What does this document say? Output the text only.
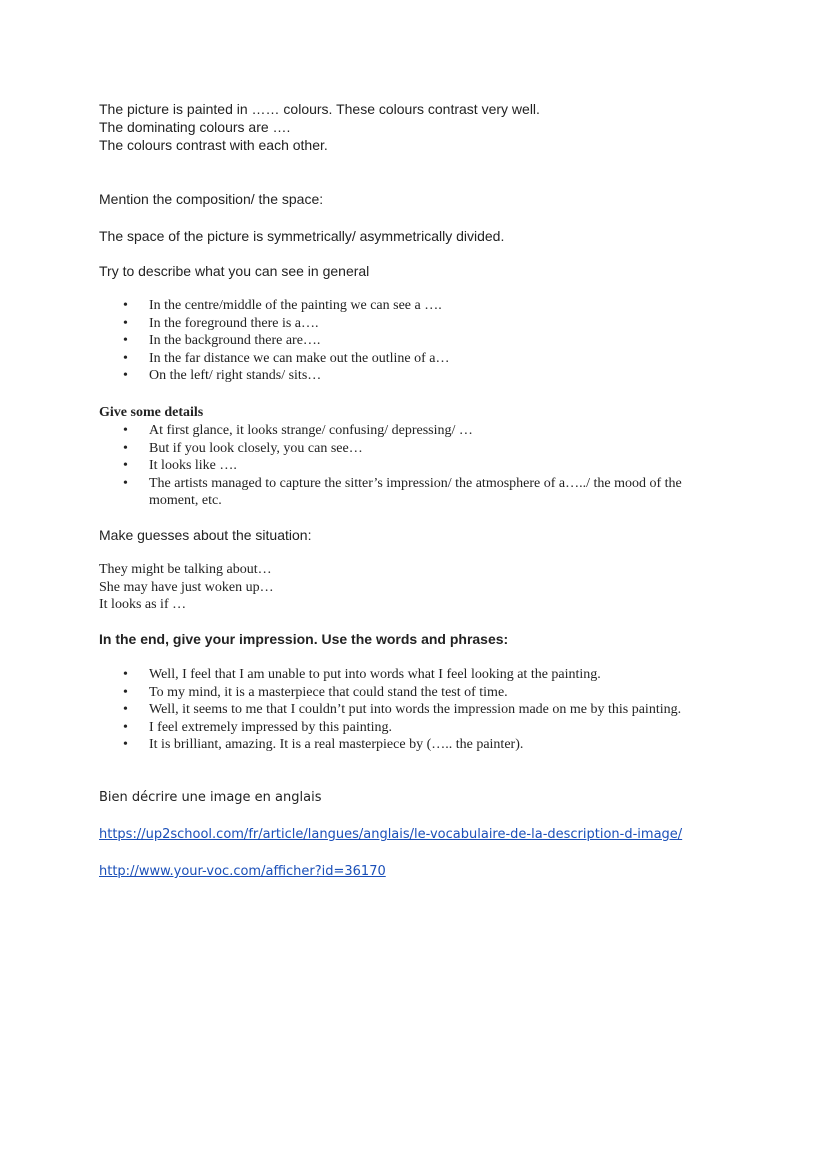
The picture is painted in …… colours. These colours contrast very well.

The dominating colours are ….

The colours contrast with each other.

Mention the composition/ the space:
The space of the picture is symmetrically/ asymmetrically divided.
Try to describe what you can see in general
• In the centre/middle of the painting we can see a ….
• In the foreground there is a….
• In the background there are….
• In the far distance we can make out the outline of a…
• On the left/ right stands/ sits…
Give some details
• At first glance, it looks strange/ confusing/ depressing/ …
• But if you look closely, you can see…
• It looks like ….
• The artists managed to capture the sitter’s impression/ the atmosphere of a…../ the mood of the moment, etc.
Make guesses about the situation:

They might be talking about…

She may have just woken up…

It looks as if …

In the end, give your impression. Use the words and phrases:
• Well, I feel that I am unable to put into words what I feel looking at the painting.
• To my mind, it is a masterpiece that could stand the test of time.
• Well, it seems to me that I couldn’t put into words the impression made on me by this painting.
• I feel extremely impressed by this painting.
• It is brilliant, amazing. It is a real masterpiece by (….. the painter).
Bien décrire une image en anglais
https://up2school.com/fr/article/langues/anglais/le-vocabulaire-de-la-description-d-image/
http://www.your-voc.com/afficher?id=36170
